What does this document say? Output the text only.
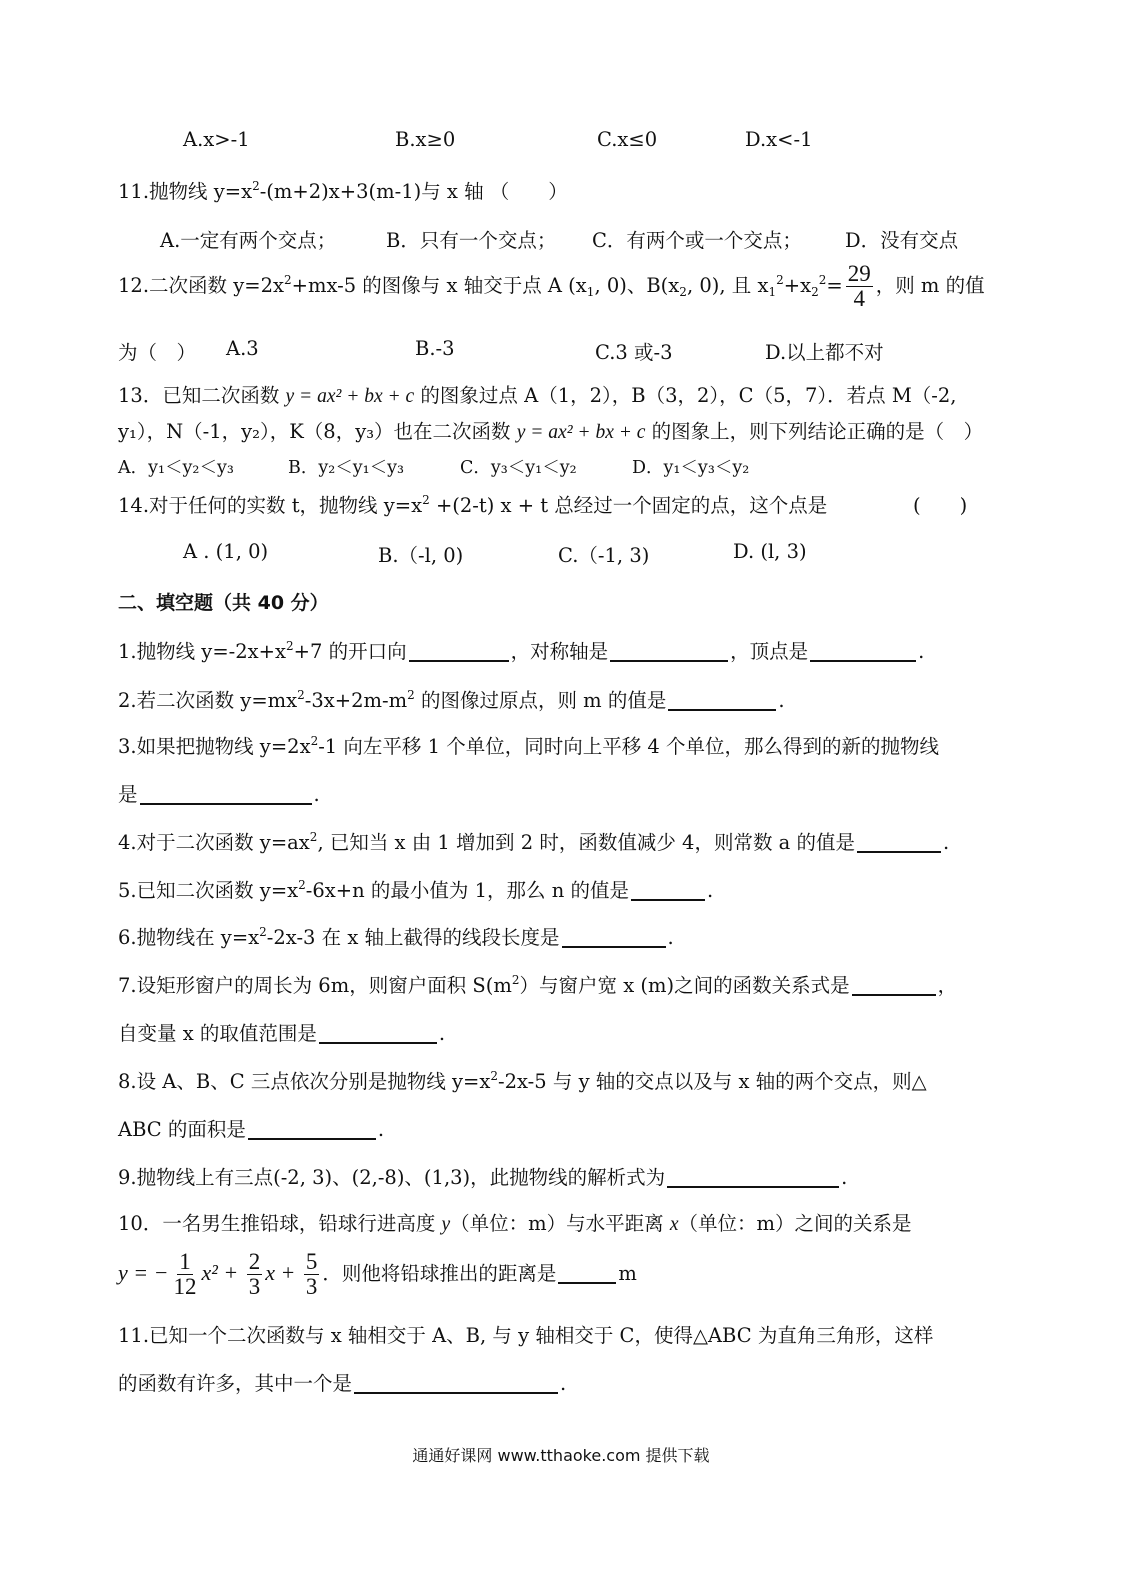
A.x>-1	B.x≥0	C.x≤0	D.x<-1
11.抛物线 $y=x^2-(m+2)x+3(m-1)$与 x 轴 （　　）
A.一定有两个交点；	B．只有一个交点； C．有两个或一个交点； D．没有交点
12.二次函数 $y=2x^2+mx-5$ 的图像与 x 轴交于点 A ($x_1$, 0)、$B(x_2$, 0), 且 $x_1^2+x_2^2= \frac{29}{4}$ ，则 m 的值
为（　） A.3	B.-3	C.3 或-3	D.以上都不对
13．已知二次函数 y = ax² + bx + c 的图象过点 A（1，2），B（3，2），C（5，7）．若点 M（-2,
y₁），N（-1，y₂），K（8，y₃）也在二次函数 y = ax² + bx + c 的图象上，则下列结论正确的是（　）
A．y₁＜y₂＜y₃	B．y₂＜y₁＜y₃	C．y₃＜y₁＜y₂	D．y₁＜y₃＜y₂
14.对于任何的实数 t，抛物线 $y=x^2 +(2-t) x + t$ 总经过一个固定的点，这个点是	(　　)
A . (1, 0)	B.（-l, 0)	C.（-1, 3)	D. (l, 3)
二、填空题（共 40 分）
1.抛物线 $y=-2x+x^2+7$ 的开口向	，对称轴是	，顶点是	.
2.若二次函数 $y=mx^2-3x+2m-m^2$ 的图像过原点，则 m 的值是	.
3.如果把抛物线 $y=2x^2-1$ 向左平移 1 个单位，同时向上平移 4 个单位，那么得到的新的抛物线
是	.
4.对于二次函数 $y=ax^2$, 已知当 x 由 1 增加到 2 时，函数值减少 4，则常数 a 的值是	.
5.已知二次函数 $y=x^2-6x+n$ 的最小值为 1，那么 n 的值是	.
6.抛物线在 $y=x^2-2x-3$ 在 x 轴上截得的线段长度是	.
7.设矩形窗户的周长为 6m，则窗户面积 $S(m^2)$与窗户宽 x (m)之间的函数关系式是	，
自变量 x 的取值范围是	.
8.设 A、B、C 三点依次分别是抛物线 $y=x^2-2x-5$ 与 y 轴的交点以及与 x 轴的两个交点，则△
ABC 的面积是	.
9.抛物线上有三点(-2, 3)、(2,-8)、(1,3)，此抛物线的解析式为	.
10．一名男生推铅球，铅球行进高度 y（单位：m）与水平距离 x（单位：m）之间的关系是
y = − $\frac{1}{12} x^2 + \frac{2}{3}$ $x + \frac{5}{3}$ ．则他将铅球推出的距离是	m
11.已知一个二次函数与 x 轴相交于 A、B, 与 y 轴相交于 C，使得△ABC 为直角三角形，这样
的函数有许多，其中一个是	.
通通好课网 www.tthaoke.com 提供下载
